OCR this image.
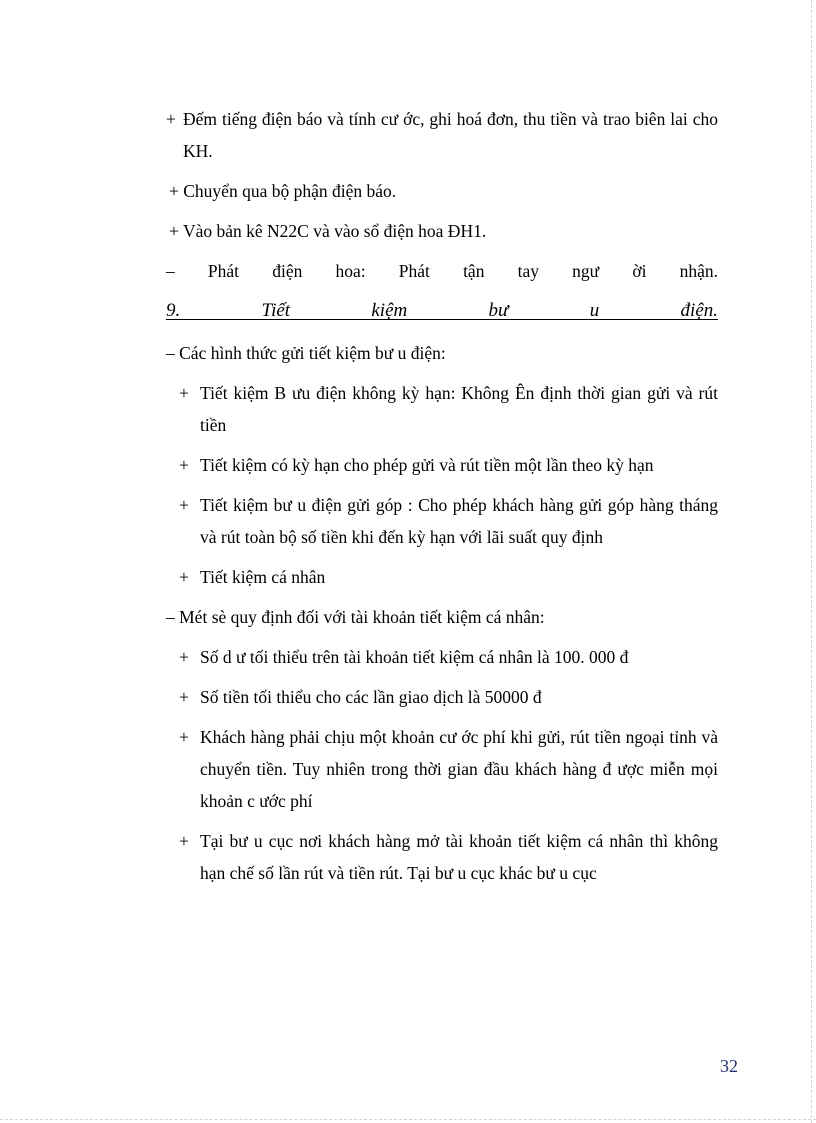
+ Đếm tiếng điện báo và tính cư ớc, ghi hoá đơn, thu tiền và trao biên lai cho KH.

+ Chuyển qua bộ phận điện báo.

+ Vào bản kê N22C và vào sổ điện hoa ĐH1.

– Phát điện hoa: Phát tận tay ngư ời nhận.

9. Tiết kiệm bư u điện.

– Các hình thức gửi tiết kiệm bư u điện:

+ Tiết kiệm B ưu điện không kỳ hạn: Không Ên định thời gian gửi và rút tiền

+ Tiết kiệm có kỳ hạn cho phép gửi và rút tiền một lần theo kỳ hạn

+ Tiết kiệm bư u điện gửi góp : Cho phép khách hàng gửi góp hàng tháng và rút toàn bộ số tiền khi đến kỳ hạn với lãi suất quy định

+ Tiết kiệm cá nhân

– Mét sè quy định đối với tài khoản tiết kiệm cá nhân:

+ Số d ư tối thiểu trên tài khoản tiết kiệm cá nhân là 100. 000 đ

+ Số tiền tối thiểu cho các lần giao dịch là 50000 đ

+ Khách hàng phải chịu một khoản cư ớc phí khi gửi, rút tiền ngoại tỉnh và chuyển tiền. Tuy nhiên trong thời gian đầu khách hàng đ ược miễn mọi khoản c ước phí

+ Tại bư u cục nơi khách hàng mở tài khoản tiết kiệm cá nhân thì không hạn chế số lần rút và tiền rút. Tại bư u cục khác bư u cục

32
